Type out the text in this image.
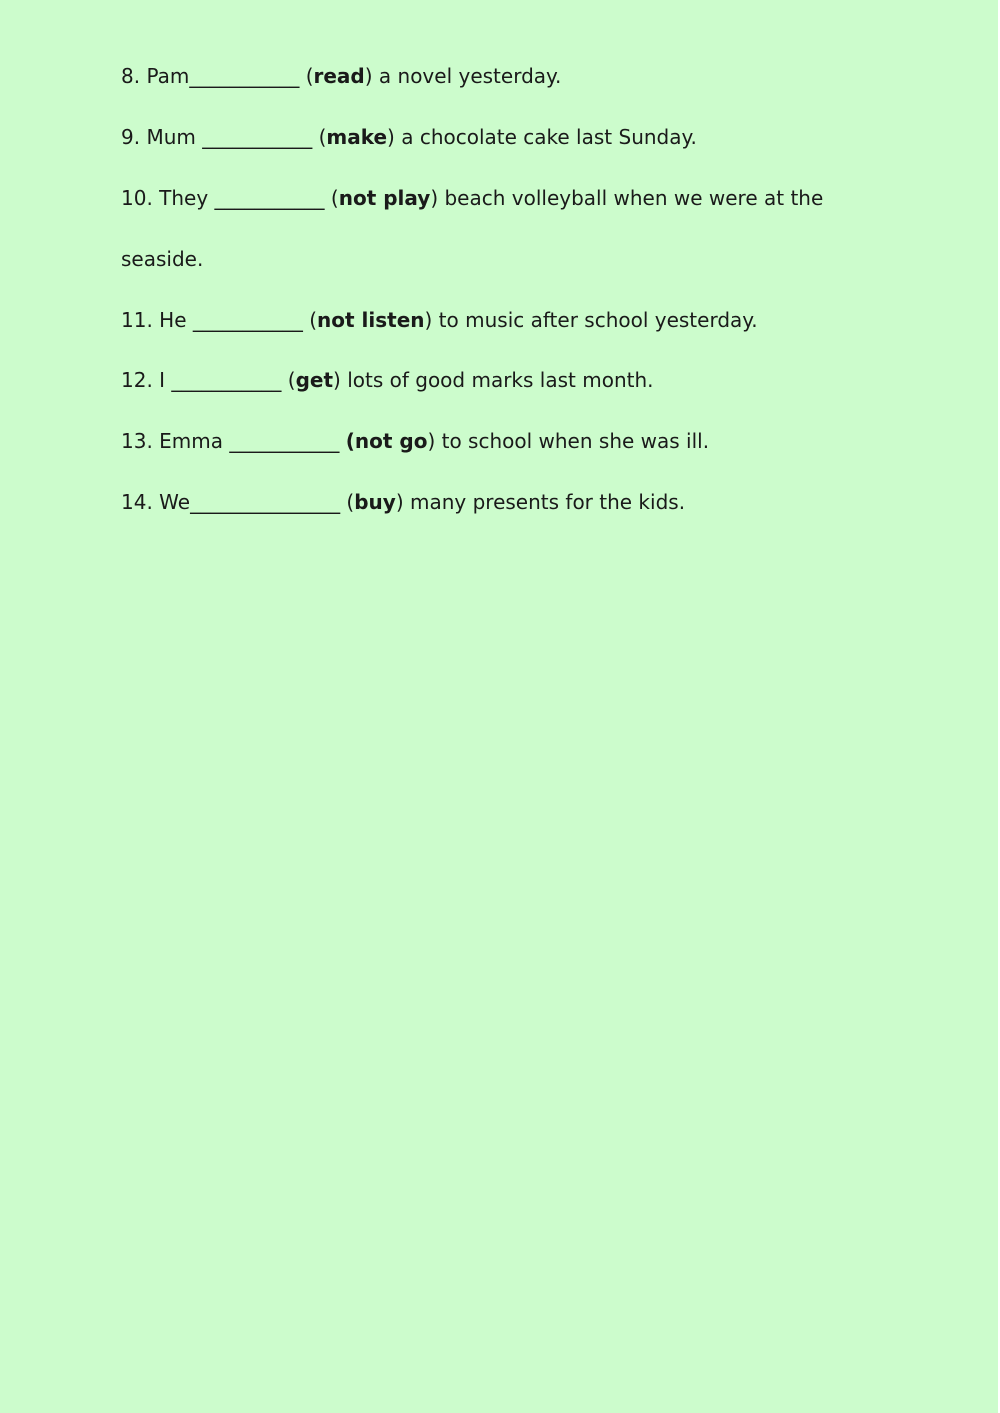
8. Pam___________ (read) a novel yesterday.
9. Mum ___________ (make) a chocolate cake last Sunday.
10. They ___________ (not play) beach volleyball when we were at the
seaside.
11. He ___________ (not listen) to music after school yesterday.
12. I ___________ (get) lots of good marks last month.
13. Emma ___________ (not go) to school when she was ill.
14. We_______________ (buy) many presents for the kids.
